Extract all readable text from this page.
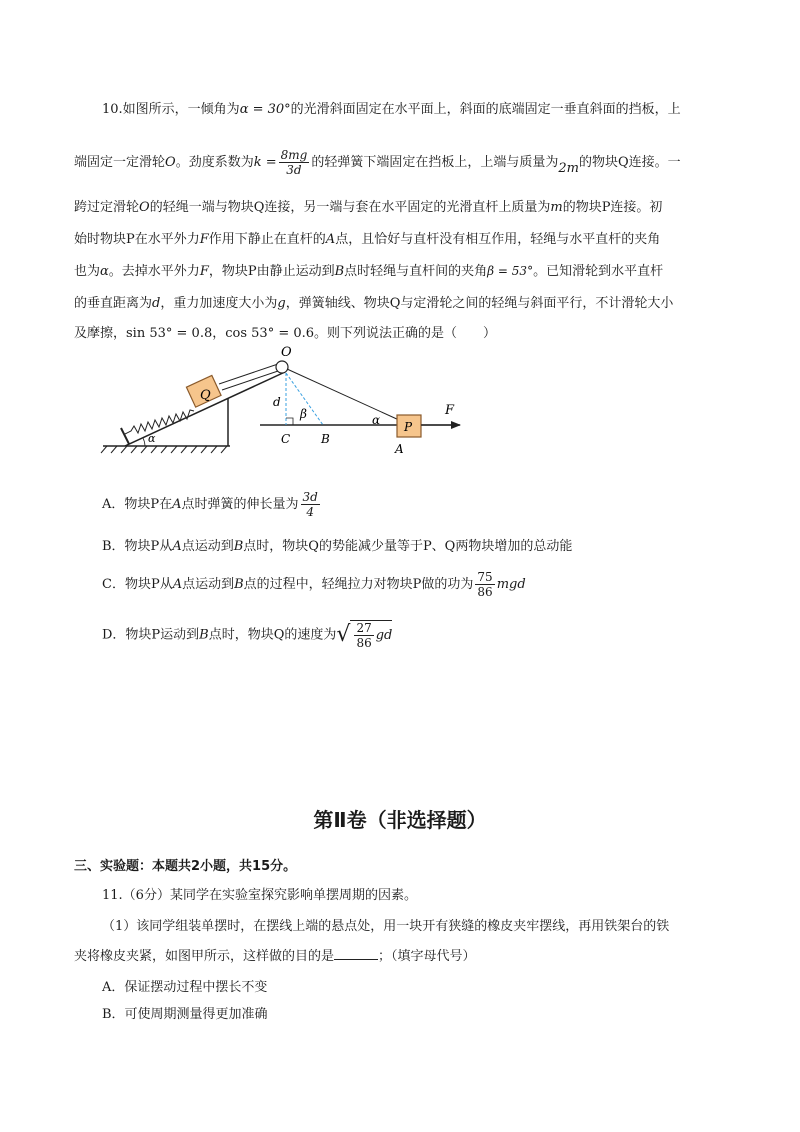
10.如图所示，一倾角为α = 30°的光滑斜面固定在水平面上，斜面的底端固定一垂直斜面的挡板，上
端固定一定滑轮O。劲度系数为$k = \frac{8mg}{3d}$ 的轻弹簧下端固定在挡板上，上端与质量为2m的物块Q连接。一
跨过定滑轮O的轻绳一端与物块Q连接，另一端与套在水平固定的光滑直杆上质量为m的物块P连接。初
始时物块P在水平外力F作用下静止在直杆的A点，且恰好与直杆没有相互作用，轻绳与水平直杆的夹角
也为α。去掉水平外力F，物块P由静止运动到B点时轻绳与直杆间的夹角β = 53°。已知滑轮到水平直杆
的垂直距离为d，重力加速度大小为g，弹簧轴线、物块Q与定滑轮之间的轻绳与斜面平行，不计滑轮大小
及摩擦，sin 53° = 0.8，cos 53° = 0.6。则下列说法正确的是（　　）
Q
O
d
β	α
C	B
P
A
F
α
A．物块P在A点时弹簧的伸长量为 $\frac{3d}{4}$
B．物块P从A点运动到B点时，物块Q的势能减少量等于P、Q两物块增加的总动能
C．物块P从A点运动到B点的过程中，轻绳拉力对物块P做的功为 $\frac{75}{86}$ mgd
D．物块P运动到B点时，物块Q的速度为 √ $\frac{27}{86}$ gd
第Ⅱ卷（非选择题）
三、实验题：本题共2小题，共15分。
11.（6分）某同学在实验室探究影响单摆周期的因素。
（1）该同学组装单摆时，在摆线上端的悬点处，用一块开有狭缝的橡皮夹牢摆线，再用铁架台的铁
夹将橡皮夹紧，如图甲所示，这样做的目的是	；（填字母代号）
A．保证摆动过程中摆长不变
B．可使周期测量得更加准确
